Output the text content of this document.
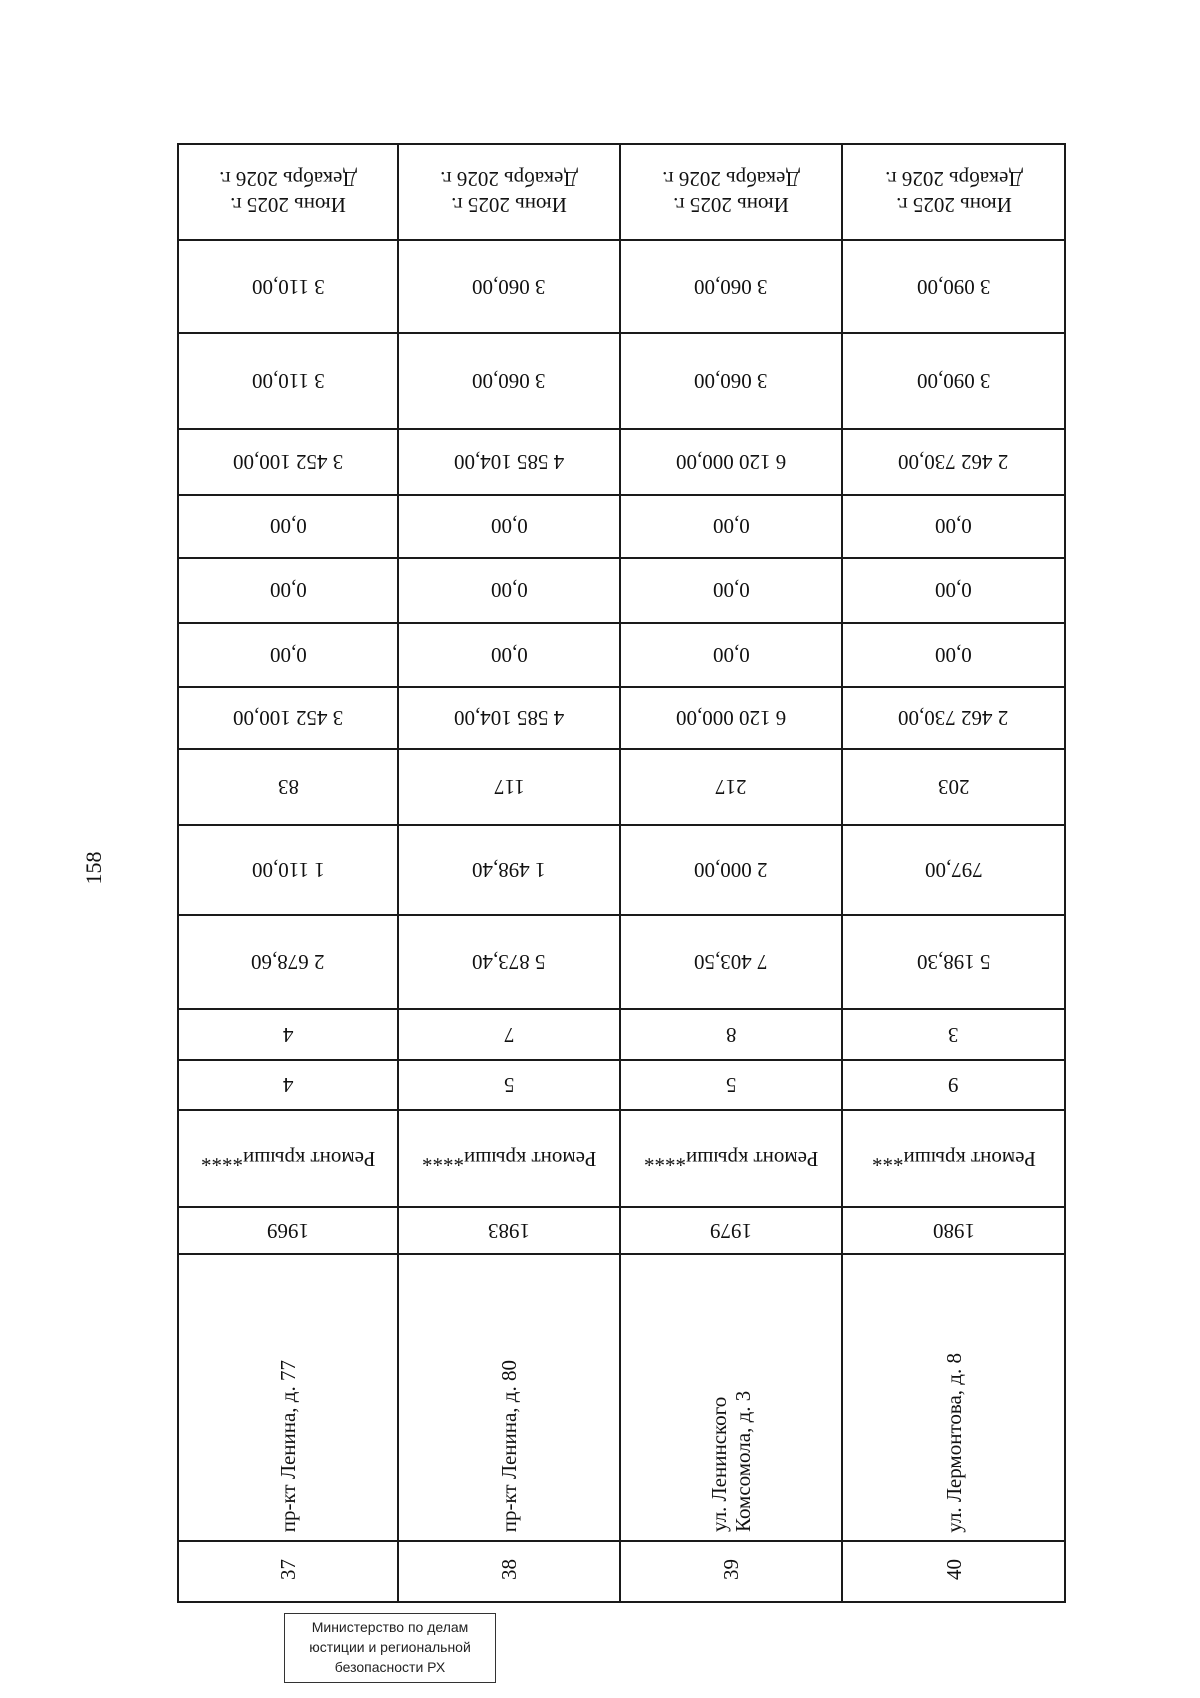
158
Июнь 2025 г. Декабрь 2026 г.	Июнь 2025 г. Декабрь 2026 г.	Июнь 2025 г. Декабрь 2026 г.	Июнь 2025 г. Декабрь 2026 г.
3 110,00	3 060,00	3 060,00	3 090,00
3 110,00	3 060,00	3 060,00	3 090,00
3 452 100,00	4 585 104,00	6 120 000,00	2 462 730,00
0,00	0,00	0,00	0,00
0,00	0,00	0,00	0,00
0,00	0,00	0,00	0,00
3 452 100,00	4 585 104,00	6 120 000,00	2 462 730,00
83	117	217	203
1 110,00	1 498,40	2 000,00	797,00
2 678,60	5 873,40	7 403,50	5 198,30
4	7	8	3
4	5	5	9
Ремонт крыши****	Ремонт крыши****	Ремонт крыши****	Ремонт крыши***
1969	1983	1979	1980

пр-кт Ленина, д. 77	пр-кт Ленина, д. 80	ул. Ленинского Комсомола, д. 3	ул. Лермонтова, д. 8

37	38	39	40
Министерство по делам
юстиции и региональной
безопасности РХ
